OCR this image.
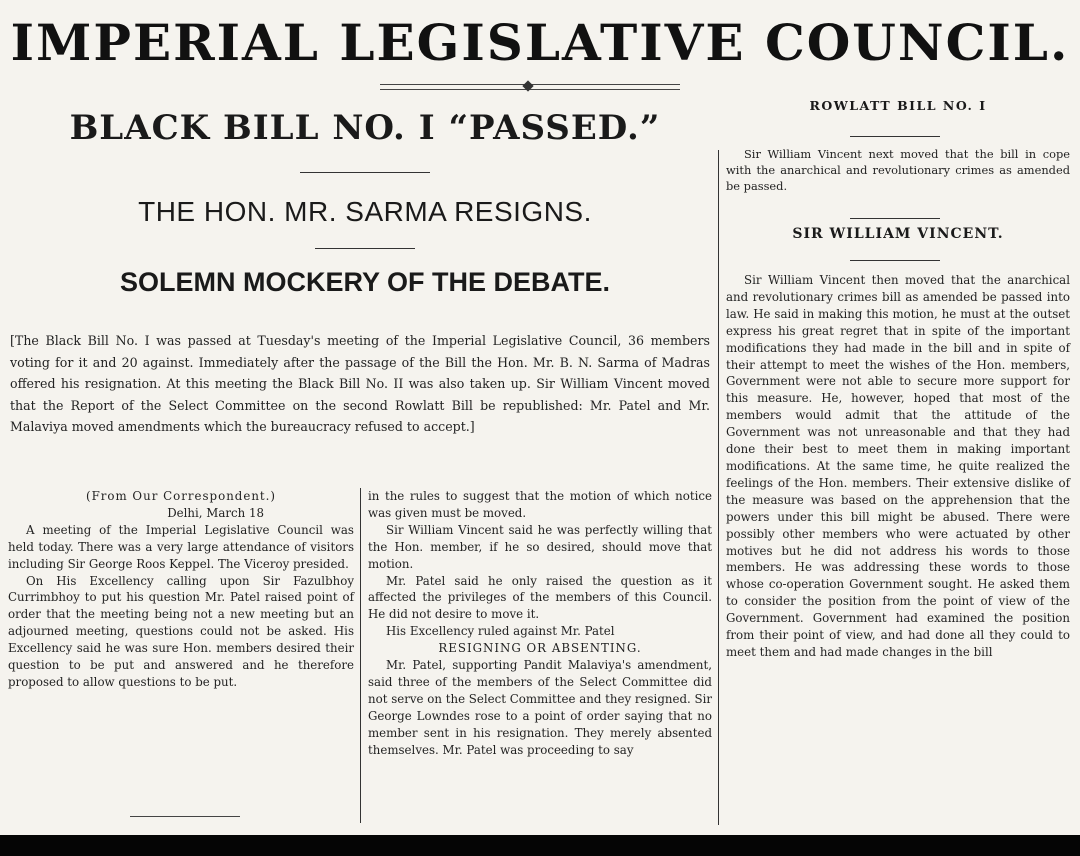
IMPERIAL LEGISLATIVE COUNCIL.
BLACK BILL NO. I “PASSED.”
THE HON. MR. SARMA RESIGNS.
SOLEMN MOCKERY OF THE DEBATE.
[The Black Bill No. I was passed at Tuesday's meeting of the Imperial Legislative Council, 36 members voting for it and 20 against. Immediately after the passage of the Bill the Hon. Mr. B. N. Sarma of Madras offered his resignation. At this meeting the Black Bill No. II was also taken up. Sir William Vincent moved that the Report of the Select Committee on the second Rowlatt Bill be republished: Mr. Patel and Mr. Malaviya moved amendments which the bureaucracy refused to accept.]

(From Our Correspondent.)

Delhi, March 18

A meeting of the Imperial Legislative Council was held today. There was a very large attendance of visitors including Sir George Roos Keppel. The Viceroy presided.

On His Excellency calling upon Sir Fazulbhoy Currimbhoy to put his question Mr. Patel raised point of order that the meeting being not a new meeting but an adjourned meeting, questions could not be asked. His Excellency said he was sure Hon. members desired their question to be put and answered and he therefore proposed to allow questions to be put.

in the rules to suggest that the motion of which notice was given must be moved.

Sir William Vincent said he was perfectly willing that the Hon. member, if he so desired, should move that motion.

Mr. Patel said he only raised the question as it affected the privileges of the members of this Council. He did not desire to move it.

His Excellency ruled against Mr. Patel

RESIGNING OR ABSENTING.

Mr. Patel, supporting Pandit Malaviya's amendment, said three of the members of the Select Committee did not serve on the Select Committee and they resigned. Sir George Lowndes rose to a point of order saying that no member sent in his resignation. They merely absented themselves. Mr. Patel was proceeding to say

ROWLATT BILL NO. I

Sir William Vincent next moved that the bill in cope with the anarchical and revolutionary crimes as amended be passed.

SIR WILLIAM VINCENT.

Sir William Vincent then moved that the anarchical and revolutionary crimes bill as amended be passed into law. He said in making this motion, he must at the outset express his great regret that in spite of the important modifications they had made in the bill and in spite of their attempt to meet the wishes of the Hon. members, Government were not able to secure more support for this measure. He, however, hoped that most of the members would admit that the attitude of the Government was not unreasonable and that they had done their best to meet them in making important modifications. At the same time, he quite realized the feelings of the Hon. members. Their extensive dislike of the measure was based on the apprehension that the powers under this bill might be abused. There were possibly other members who were actuated by other motives but he did not address his words to those members. He was addressing these words to those whose co-operation Government sought. He asked them to consider the position from the point of view of the Government. Government had examined the position from their point of view, and had done all they could to meet them and had made changes in the bill
